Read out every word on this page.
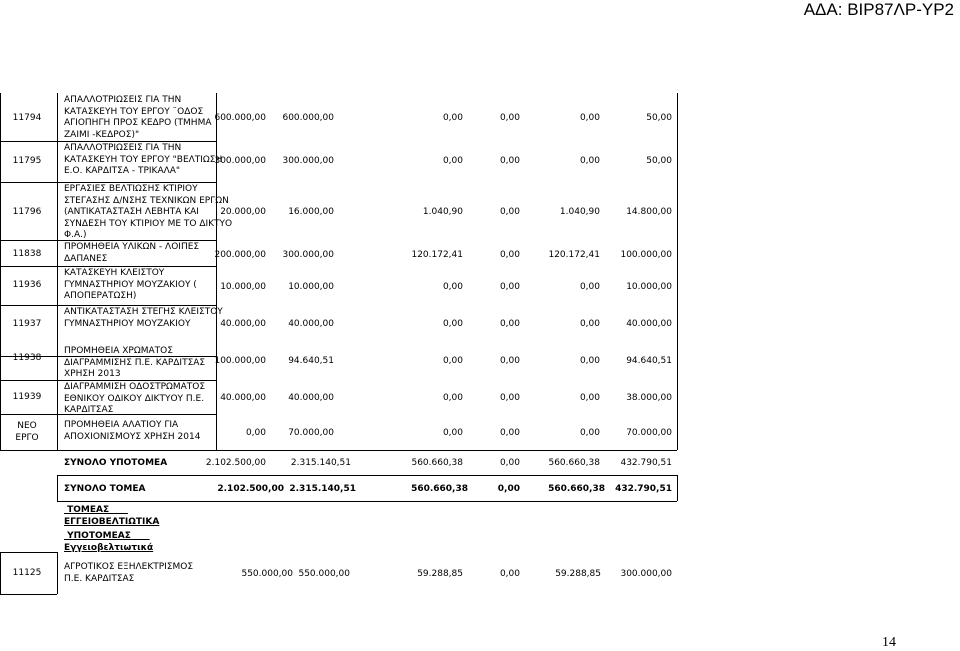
ΑΔΑ: ΒΙΡ87ΛΡ-ΥΡ2
11794
ΑΠΑΛΛΟΤΡΙΩΣΕΙΣ ΓΙΑ ΤΗΝ ΚΑΤΑΣΚΕΥΗ ΤΟΥ ΕΡΓΟΥ ¨ΟΔΟΣ ΑΓΙΟΠΗΓΗ ΠΡΟΣ ΚΕΔΡΟ (ΤΜΗΜΑ ΖΑΙΜΙ -ΚΕΔΡΟΣ)"
600.000,00 600.000,00	0,00	0,00	0,00	50,00
11795
ΑΠΑΛΛΟΤΡΙΩΣΕΙΣ ΓΙΑ ΤΗΝ ΚΑΤΑΣΚΕΥΗ ΤΟΥ ΕΡΓΟΥ "ΒΕΛΤΙΩΣΗ Ε.Ο. ΚΑΡΔΙΤΣΑ - ΤΡΙΚΑΛΑ"
300.000,00 300.000,00	0,00	0,00	0,00	50,00
11796
ΕΡΓΑΣΙΕΣ ΒΕΛΤΙΩΣΗΣ ΚΤΙΡΙΟΥ ΣΤΕΓΑΣΗΣ Δ/ΝΣΗΣ ΤΕΧΝΙΚΩΝ ΕΡΓΩΝ (ΑΝΤΙΚΑΤΑΣΤΑΣΗ ΛΕΒΗΤΑ ΚΑΙ ΣΥΝΔΕΣΗ ΤΟΥ ΚΤΙΡΙΟΥ ΜΕ ΤΟ ΔΙΚΤΥΟ Φ.Α.)
20.000,00 16.000,00	1.040,90	0,00	1.040,90	14.800,00
11838
ΠΡΟΜΗΘΕΙΑ ΥΛΙΚΩΝ - ΛΟΙΠΕΣ ΔΑΠΑΝΕΣ	200.000,00 300.000,00	120.172,41	0,00	120.172,41 100.000,00
11936
ΚΑΤΑΣΚΕΥΗ ΚΛΕΙΣΤΟΥ ΓΥΜΝΑΣΤΗΡΙΟΥ ΜΟΥΖΑΚΙΟΥ ( ΑΠΟΠΕΡΑΤΩΣΗ)
10.000,00 10.000,00	0,00	0,00	0,00	10.000,00
11937
ΑΝΤΙΚΑΤΑΣΤΑΣΗ ΣΤΕΓΗΣ ΚΛΕΙΣΤΟΥ ΓΥΜΝΑΣΤΗΡΙΟΥ ΜΟΥΖΑΚΙΟΥ	40.000,00 40.000,00	0,00	0,00	0,00	40.000,00
11938
ΠΡΟΜΗΘΕΙΑ ΧΡΩΜΑΤΟΣ ΔΙΑΓΡΑΜΜΙΣΗΣ Π.Ε. ΚΑΡΔΙΤΣΑΣ ΧΡΗΣΗ 2013
100.000,00 94.640,51	0,00	0,00	0,00	94.640,51
11939
ΔΙΑΓΡΑΜΜΙΣΗ ΟΔΟΣΤΡΩΜΑΤΟΣ ΕΘΝΙΚΟΥ ΟΔΙΚΟΥ ΔΙΚΤΥΟΥ Π.Ε. ΚΑΡΔΙΤΣΑΣ
40.000,00 40.000,00	0,00	0,00	0,00	38.000,00
ΝΕΟ ΕΡΓΟ
ΠΡΟΜΗΘΕΙΑ ΑΛΑΤΙΟΥ ΓΙΑ ΑΠΟΧΙΟΝΙΣΜΟΥΣ ΧΡΗΣΗ 2014	0,00 70.000,00	0,00	0,00	0,00	70.000,00
ΣΥΝΟΛΟ ΥΠΟΤΟΜΕΑ	2.102.500,00	2.315.140,51	560.660,38	0,00	560.660,38 432.790,51
ΣΥΝΟΛΟ ΤΟΜΕΑ	2.102.500,00 2.315.140,51	560.660,38	0,00	560.660,38 432.790,51
ΤΟΜΕΑΣ
ΕΓΓΕΙΟΒΕΛΤΙΩΤΙΚΑ
ΥΠΟΤΟΜΕΑΣ
Εγγειοβελτιωτικά
11125
ΑΓΡΟΤΙΚΟΣ ΕΞΗΛΕΚΤΡΙΣΜΟΣ Π.Ε. ΚΑΡΔΙΤΣΑΣ	550.000,00 550.000,00	59.288,85	0,00	59.288,85 300.000,00
14
